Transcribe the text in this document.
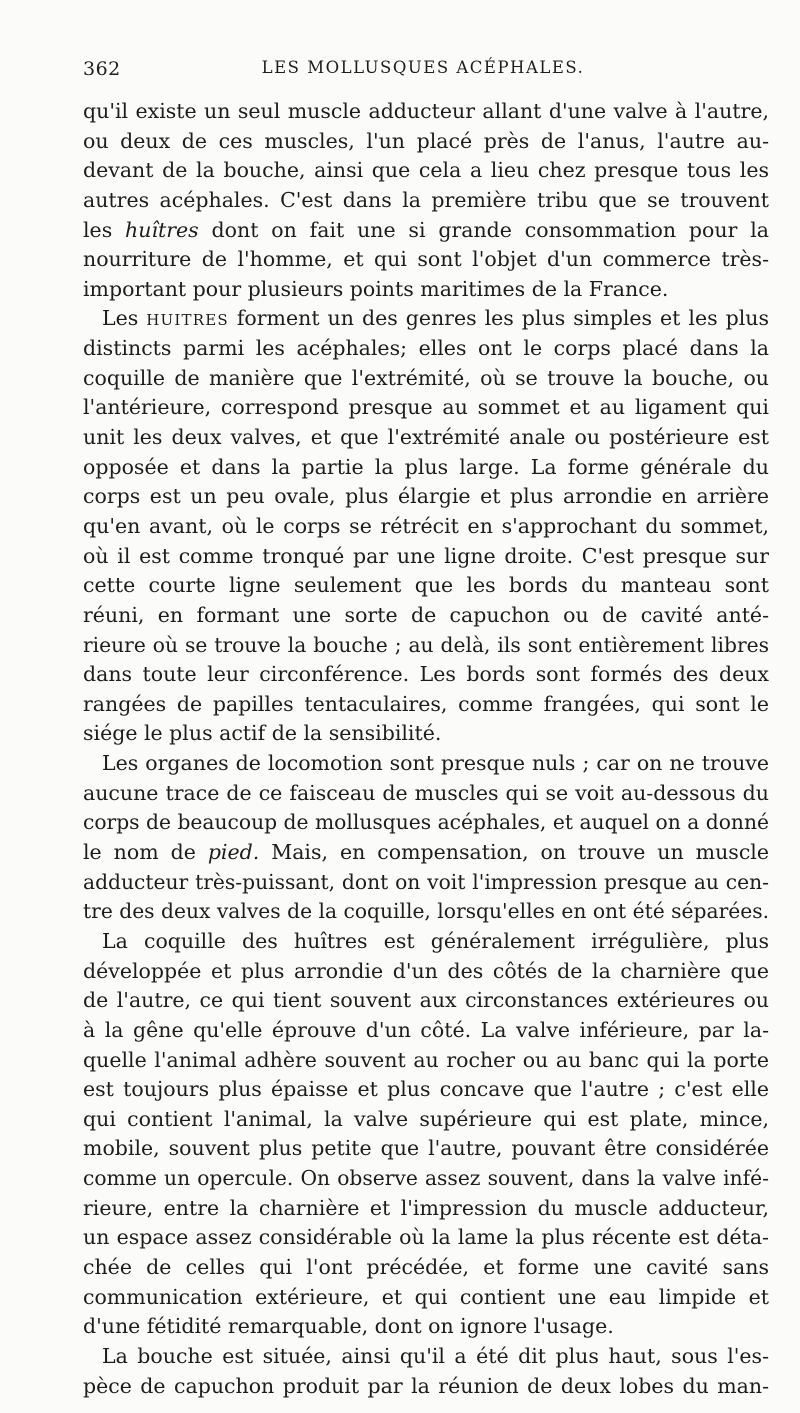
362	LES MOLLUSQUES ACÉPHALES.
qu'il existe un seul muscle adducteur allant d'une valve à l'autre,
ou deux de ces muscles, l'un placé près de l'anus, l'autre au-
devant de la bouche, ainsi que cela a lieu chez presque tous les
autres acéphales. C'est dans la première tribu que se trouvent
les huîtres dont on fait une si grande consommation pour la
nourriture de l'homme, et qui sont l'objet d'un commerce très-
important pour plusieurs points maritimes de la France.
Les HUITRES forment un des genres les plus simples et les plus
distincts parmi les acéphales; elles ont le corps placé dans la
coquille de manière que l'extrémité, où se trouve la bouche, ou
l'antérieure, correspond presque au sommet et au ligament qui
unit les deux valves, et que l'extrémité anale ou postérieure est
opposée et dans la partie la plus large. La forme générale du
corps est un peu ovale, plus élargie et plus arrondie en arrière
qu'en avant, où le corps se rétrécit en s'approchant du sommet,
où il est comme tronqué par une ligne droite. C'est presque sur
cette courte ligne seulement que les bords du manteau sont
réuni, en formant une sorte de capuchon ou de cavité anté-
rieure où se trouve la bouche ; au delà, ils sont entièrement libres
dans toute leur circonférence. Les bords sont formés des deux
rangées de papilles tentaculaires, comme frangées, qui sont le
siége le plus actif de la sensibilité.
Les organes de locomotion sont presque nuls ; car on ne trouve
aucune trace de ce faisceau de muscles qui se voit au-dessous du
corps de beaucoup de mollusques acéphales, et auquel on a donné
le nom de pied. Mais, en compensation, on trouve un muscle
adducteur très-puissant, dont on voit l'impression presque au cen-
tre des deux valves de la coquille, lorsqu'elles en ont été séparées.
La coquille des huîtres est généralement irrégulière, plus
développée et plus arrondie d'un des côtés de la charnière que
de l'autre, ce qui tient souvent aux circonstances extérieures ou
à la gêne qu'elle éprouve d'un côté. La valve inférieure, par la-
quelle l'animal adhère souvent au rocher ou au banc qui la porte
est toujours plus épaisse et plus concave que l'autre ; c'est elle
qui contient l'animal, la valve supérieure qui est plate, mince,
mobile, souvent plus petite que l'autre, pouvant être considérée
comme un opercule. On observe assez souvent, dans la valve infé-
rieure, entre la charnière et l'impression du muscle adducteur,
un espace assez considérable où la lame la plus récente est déta-
chée de celles qui l'ont précédée, et forme une cavité sans
communication extérieure, et qui contient une eau limpide et
d'une fétidité remarquable, dont on ignore l'usage.
La bouche est située, ainsi qu'il a été dit plus haut, sous l'es-
pèce de capuchon produit par la réunion de deux lobes du man-
